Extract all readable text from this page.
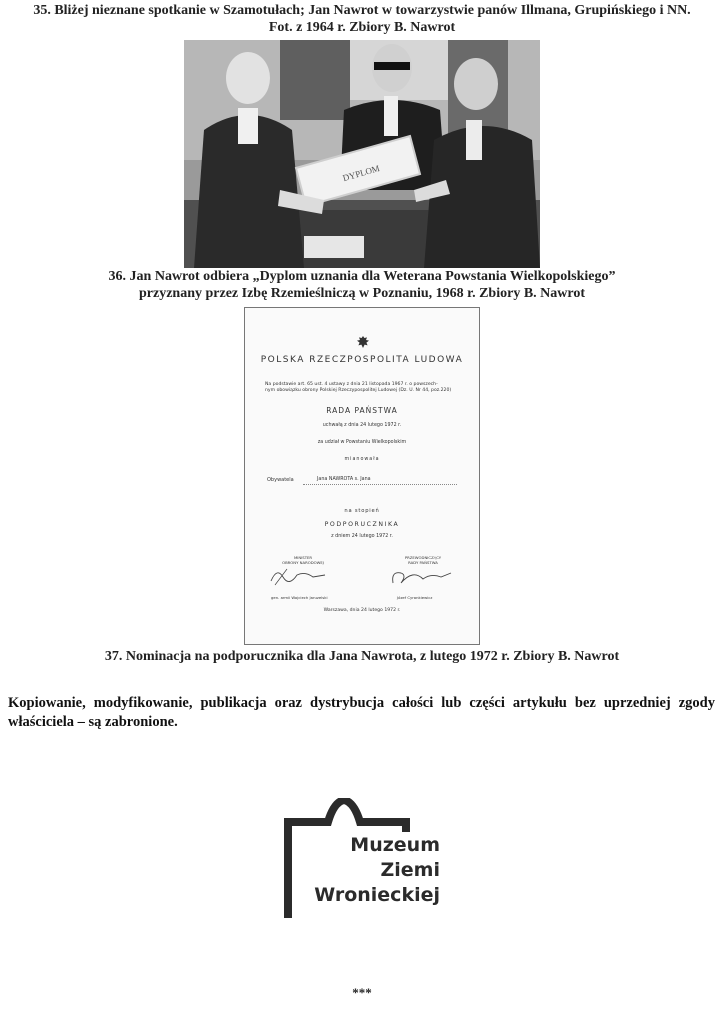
35. Bliżej nieznane spotkanie w Szamotułach; Jan Nawrot w towarzystwie panów Illmana, Grupińskiego i NN.
Fot. z 1964 r. Zbiory B. Nawrot
DYPLOM
36. Jan Nawrot odbiera „Dyplom uznania dla Weterana Powstania Wielkopolskiego”
przyznany przez Izbę Rzemieślniczą w Poznaniu, 1968 r. Zbiory B. Nawrot
POLSKA RZECZPOSPOLITA LUDOWA
Na podstawie art. 65 ust. 4 ustawy z dnia 21 listopada 1967 r. o powszech-
nym obowiązku obrony Polskiej Rzeczypospolitej Ludowej (Dz. U. Nr 44, poz.220)
RADA PAŃSTWA
uchwałą z dnia 24 lutego 1972 r.
za udział w Powstaniu Wielkopolskim
mianowała
Obywatela	Jana NAWROTA s. Jana
na stopień
PODPORUCZNIKA
z dniem 24 lutego 1972 r.
MINISTER
OBRONY NARODOWEJ
PRZEWODNICZĄCY
RADY PAŃSTWA
gen. armii Wojciech Jaruzelski	Józef Cyrankiewicz
Warszawa, dnia 24 lutego 1972 r.
37. Nominacja na podporucznika dla Jana Nawrota, z lutego 1972 r. Zbiory B. Nawrot
Kopiowanie, modyfikowanie, publikacja oraz dystrybucja całości lub części artykułu bez uprzedniej zgody właściciela – są zabronione.
Muzeum
Ziemi
Wronieckiej
***
